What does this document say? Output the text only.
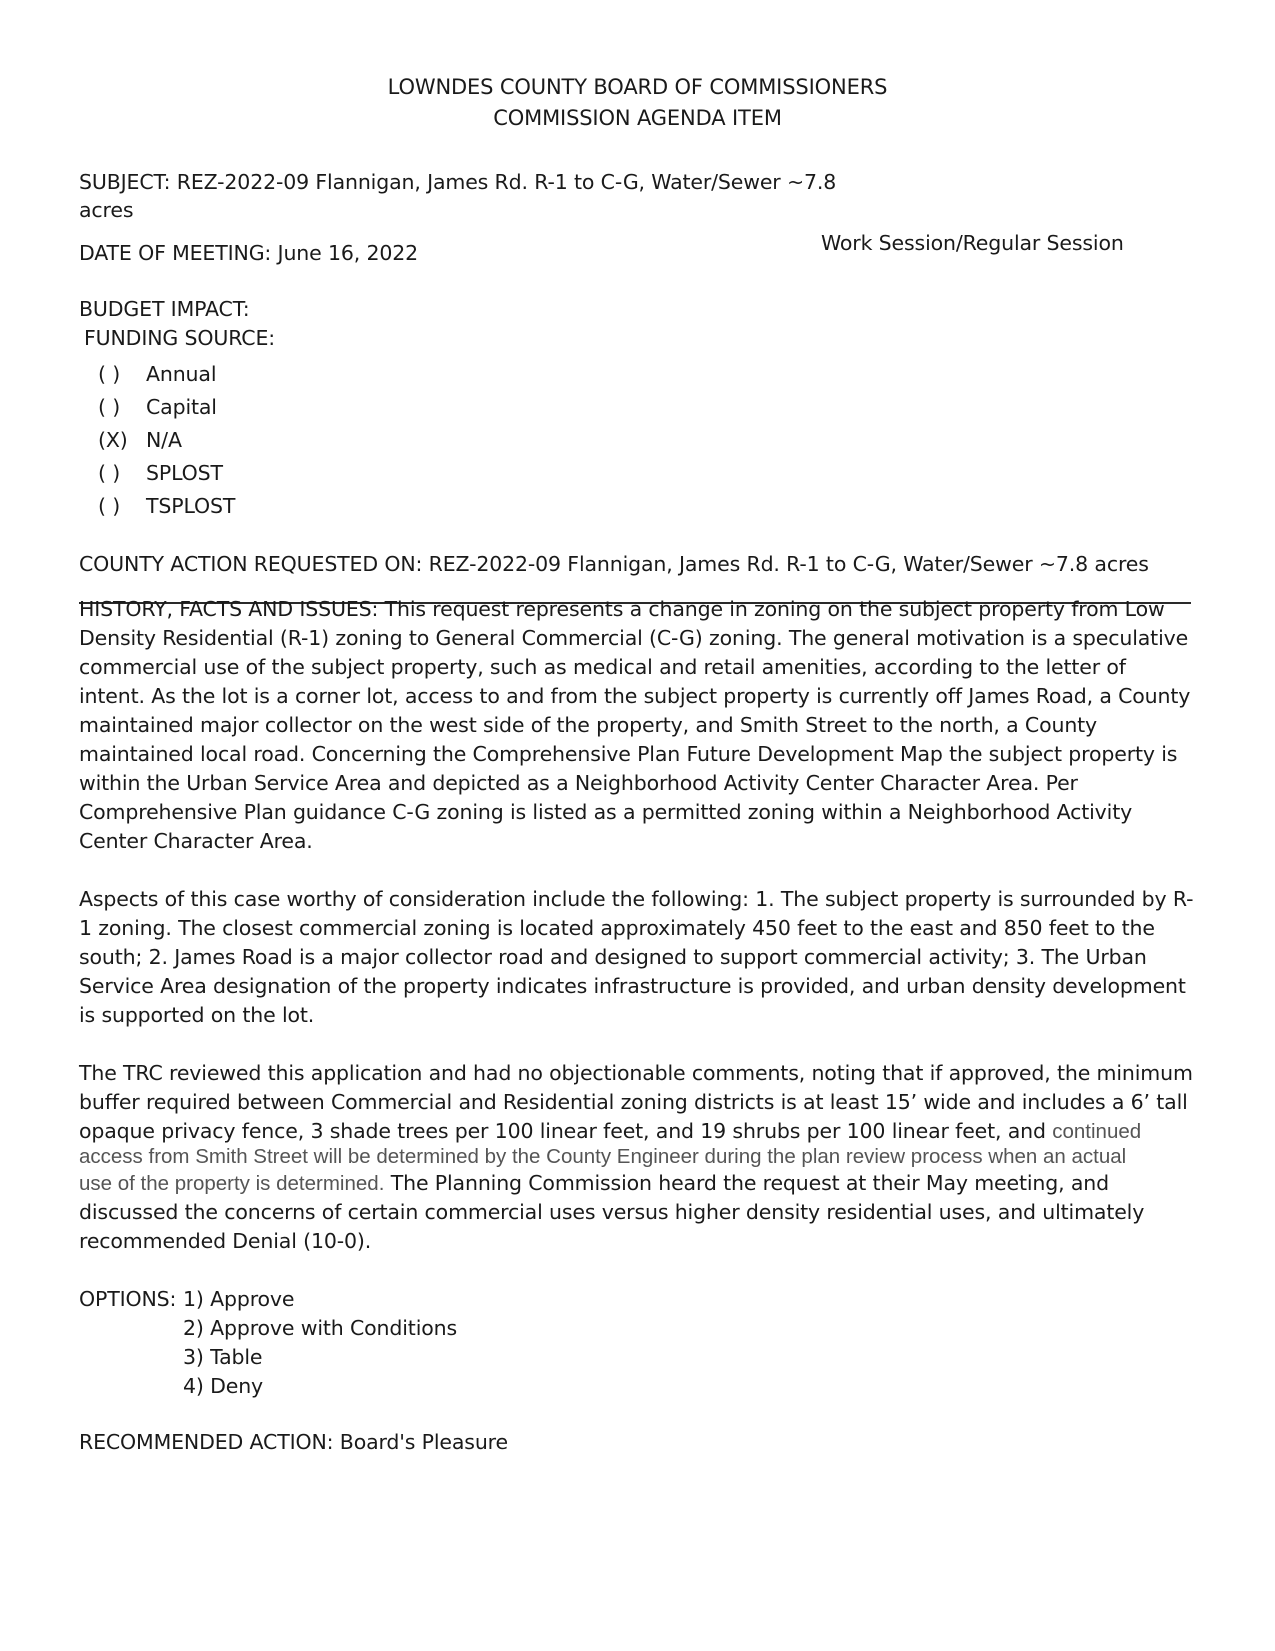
LOWNDES COUNTY BOARD OF COMMISSIONERS
COMMISSION AGENDA ITEM
SUBJECT: REZ-2022-09 Flannigan, James Rd. R-1 to C-G, Water/Sewer ~7.8
acres
DATE OF MEETING: June 16, 2022	Work Session/Regular Session
BUDGET IMPACT:
FUNDING SOURCE:
( ) Annual
( ) Capital
(X) N/A
( ) SPLOST
( ) TSPLOST
COUNTY ACTION REQUESTED ON: REZ-2022-09 Flannigan, James Rd. R-1 to C-G, Water/Sewer ~7.8 acres
HISTORY, FACTS AND ISSUES: This request represents a change in zoning on the subject property from Low
Density Residential (R-1) zoning to General Commercial (C-G) zoning. The general motivation is a speculative
commercial use of the subject property, such as medical and retail amenities, according to the letter of
intent. As the lot is a corner lot, access to and from the subject property is currently off James Road, a County
maintained major collector on the west side of the property, and Smith Street to the north, a County
maintained local road. Concerning the Comprehensive Plan Future Development Map the subject property is
within the Urban Service Area and depicted as a Neighborhood Activity Center Character Area. Per
Comprehensive Plan guidance C-G zoning is listed as a permitted zoning within a Neighborhood Activity
Center Character Area.
Aspects of this case worthy of consideration include the following: 1. The subject property is surrounded by R-
1 zoning. The closest commercial zoning is located approximately 450 feet to the east and 850 feet to the
south; 2. James Road is a major collector road and designed to support commercial activity; 3. The Urban
Service Area designation of the property indicates infrastructure is provided, and urban density development
is supported on the lot.
The TRC reviewed this application and had no objectionable comments, noting that if approved, the minimum
buffer required between Commercial and Residential zoning districts is at least 15’ wide and includes a 6’ tall
opaque privacy fence, 3 shade trees per 100 linear feet, and 19 shrubs per 100 linear feet, and continued
access from Smith Street will be determined by the County Engineer during the plan review process when an actual
use of the property is determined. The Planning Commission heard the request at their May meeting, and
discussed the concerns of certain commercial uses versus higher density residential uses, and ultimately
recommended Denial (10-0).
OPTIONS: 1) Approve
2) Approve with Conditions
3) Table
4) Deny
RECOMMENDED ACTION: Board's Pleasure
